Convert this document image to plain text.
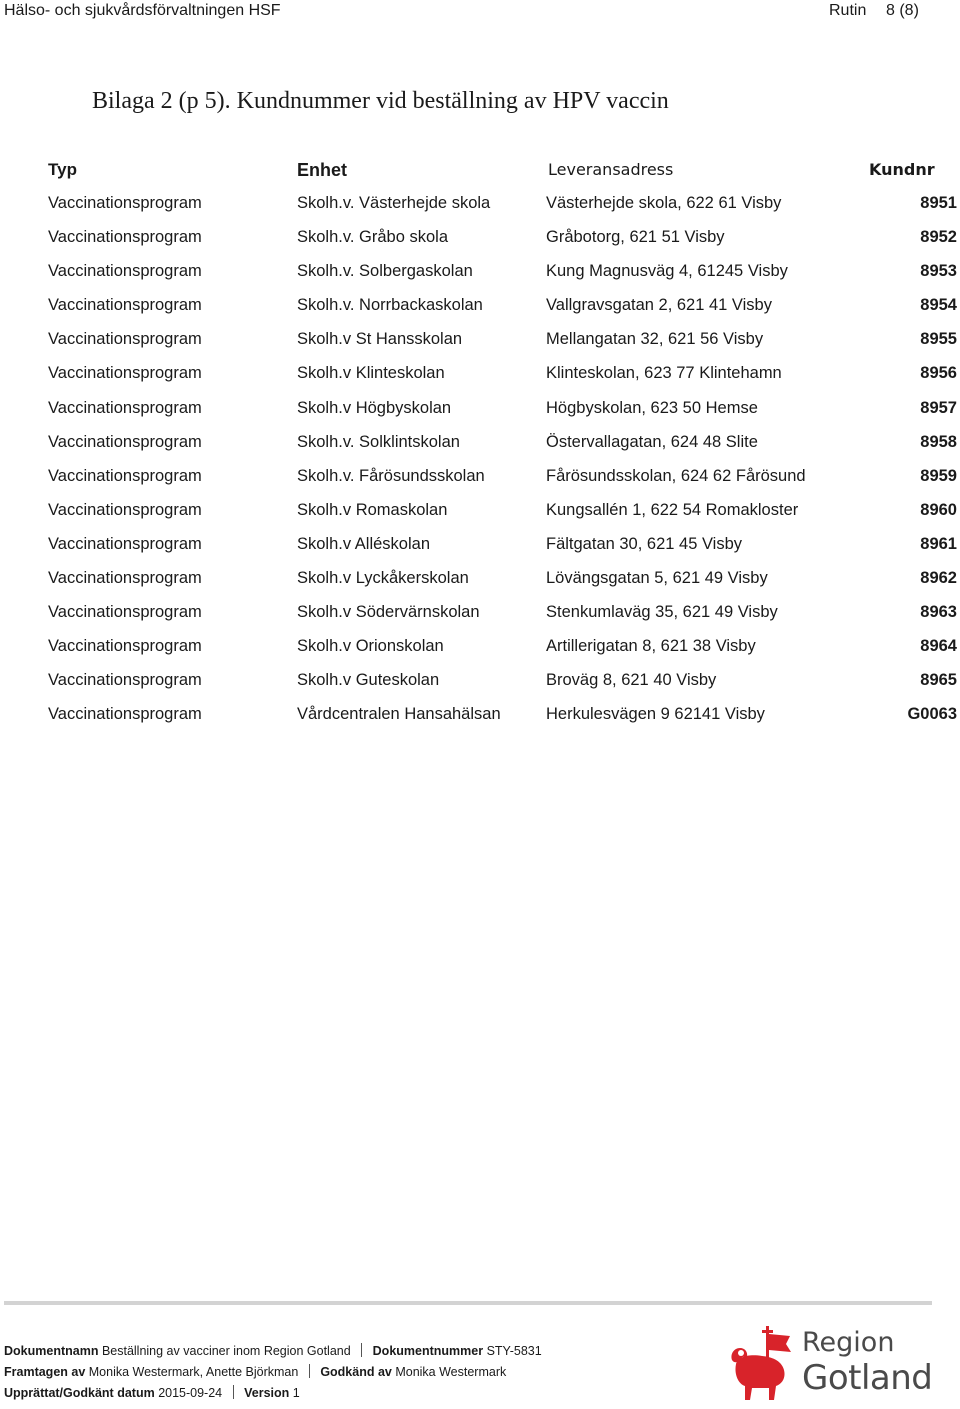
Hälso- och sjukvårdsförvaltningen HSF	Rutin 8 (8)
Bilaga 2 (p 5). Kundnummer vid beställning av HPV vaccin
Typ	Enhet	Leveransadress	Kundnr
Vaccinationsprogram	Skolh.v. Västerhejde skola	Västerhejde skola, 622 61 Visby	8951
Vaccinationsprogram	Skolh.v. Gråbo skola	Gråbotorg, 621 51 Visby	8952
Vaccinationsprogram	Skolh.v. Solbergaskolan	Kung Magnusväg 4, 61245 Visby	8953
Vaccinationsprogram	Skolh.v. Norrbackaskolan	Vallgravsgatan 2, 621 41 Visby	8954
Vaccinationsprogram	Skolh.v St Hansskolan	Mellangatan 32, 621 56 Visby	8955
Vaccinationsprogram	Skolh.v Klinteskolan	Klinteskolan, 623 77 Klintehamn	8956
Vaccinationsprogram	Skolh.v Högbyskolan	Högbyskolan, 623 50 Hemse	8957
Vaccinationsprogram	Skolh.v. Solklintskolan	Östervallagatan, 624 48 Slite	8958
Vaccinationsprogram	Skolh.v. Fårösundsskolan	Fårösundsskolan, 624 62 Fårösund	8959
Vaccinationsprogram	Skolh.v Romaskolan	Kungsallén 1, 622 54 Romakloster	8960
Vaccinationsprogram	Skolh.v Alléskolan	Fältgatan 30, 621 45 Visby	8961
Vaccinationsprogram	Skolh.v Lyckåkerskolan	Lövängsgatan 5, 621 49 Visby	8962
Vaccinationsprogram	Skolh.v Södervärnskolan	Stenkumlaväg 35, 621 49 Visby	8963
Vaccinationsprogram	Skolh.v Orionskolan	Artillerigatan 8, 621 38 Visby	8964
Vaccinationsprogram	Skolh.v Guteskolan	Broväg 8, 621 40 Visby	8965
Vaccinationsprogram	Vårdcentralen Hansahälsan	Herkulesvägen 9 62141 Visby	G0063
Dokumentnamn Beställning av vacciner inom Region Gotland Dokumentnummer STY-5831
Framtagen av Monika Westermark, Anette Björkman Godkänd av Monika Westermark
Upprättat/Godkänt datum 2015-09-24 Version 1
Region
Gotland
